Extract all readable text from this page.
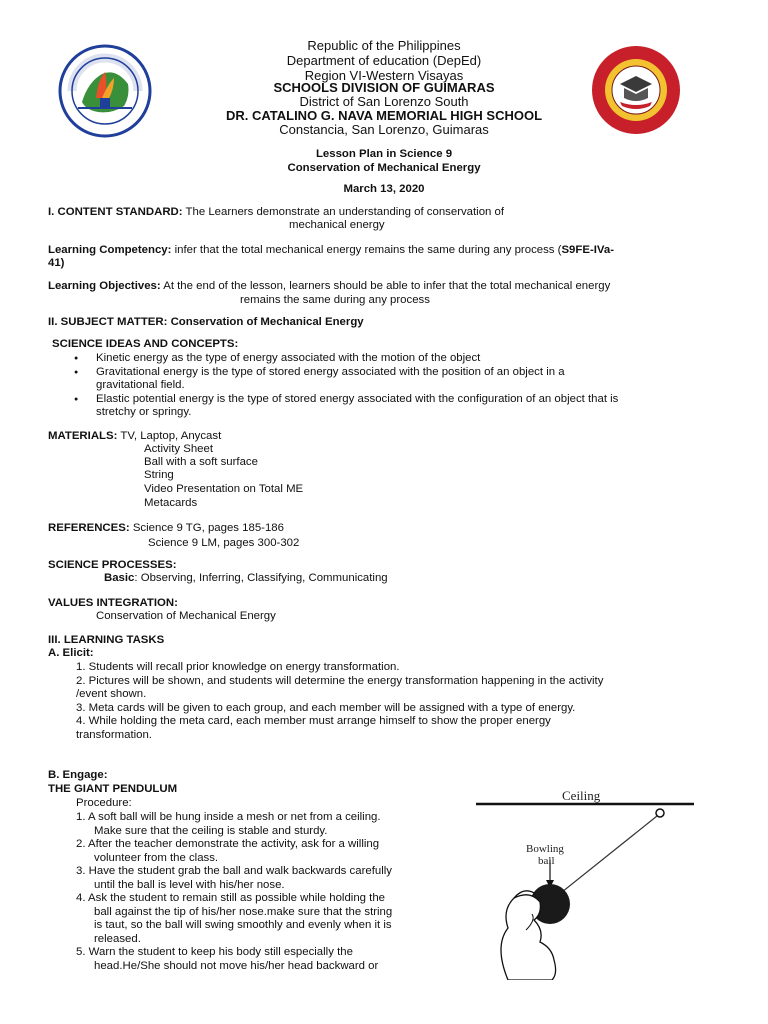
Republic of the Philippines
Department of education (DepEd)
Region VI-Western Visayas
SCHOOLS DIVISION OF GUIMARAS
District of San Lorenzo South
DR. CATALINO G. NAVA MEMORIAL HIGH SCHOOL
Constancia, San Lorenzo, Guimaras
Lesson Plan in Science 9
Conservation of Mechanical Energy
March 13, 2020
I. CONTENT STANDARD: The Learners demonstrate an understanding of conservation of
mechanical energy
Learning Competency: infer that the total mechanical energy remains the same during any process (S9FE-IVa-
41)
Learning Objectives: At the end of the lesson, learners should be able to infer that the total mechanical energy
remains the same during any process
II. SUBJECT MATTER: Conservation of Mechanical Energy
SCIENCE IDEAS AND CONCEPTS:
● Kinetic energy as the type of energy associated with the motion of the object
● Gravitational energy is the type of stored energy associated with the position of an object in a
gravitational field.
● Elastic potential energy is the type of stored energy associated with the configuration of an object that is
stretchy or springy.
MATERIALS: TV, Laptop, Anycast
Activity Sheet
Ball with a soft surface
String
Video Presentation on Total ME
Metacards
REFERENCES: Science 9 TG, pages 185-186
Science 9 LM, pages 300-302
SCIENCE PROCESSES:
Basic: Observing, Inferring, Classifying, Communicating
VALUES INTEGRATION:
Conservation of Mechanical Energy
III. LEARNING TASKS
A. Elicit:
1. Students will recall prior knowledge on energy transformation.
2. Pictures will be shown, and students will determine the energy transformation happening in the activity
/event shown.
3. Meta cards will be given to each group, and each member will be assigned with a type of energy.
4. While holding the meta card, each member must arrange himself to show the proper energy
transformation.
B. Engage:
THE GIANT PENDULUM
Procedure:
1. A soft ball will be hung inside a mesh or net from a ceiling.
Make sure that the ceiling is stable and sturdy.
2. After the teacher demonstrate the activity, ask for a willing
volunteer from the class.
3. Have the student grab the ball and walk backwards carefully
until the ball is level with his/her nose.
4. Ask the student to remain still as possible while holding the
ball against the tip of his/her nose.make sure that the string
is taut, so the ball will swing smoothly and evenly when it is
released.
5. Warn the student to keep his body still especially the
head.He/She should not move his/her head backward or
Ceiling
Bowling
ball
